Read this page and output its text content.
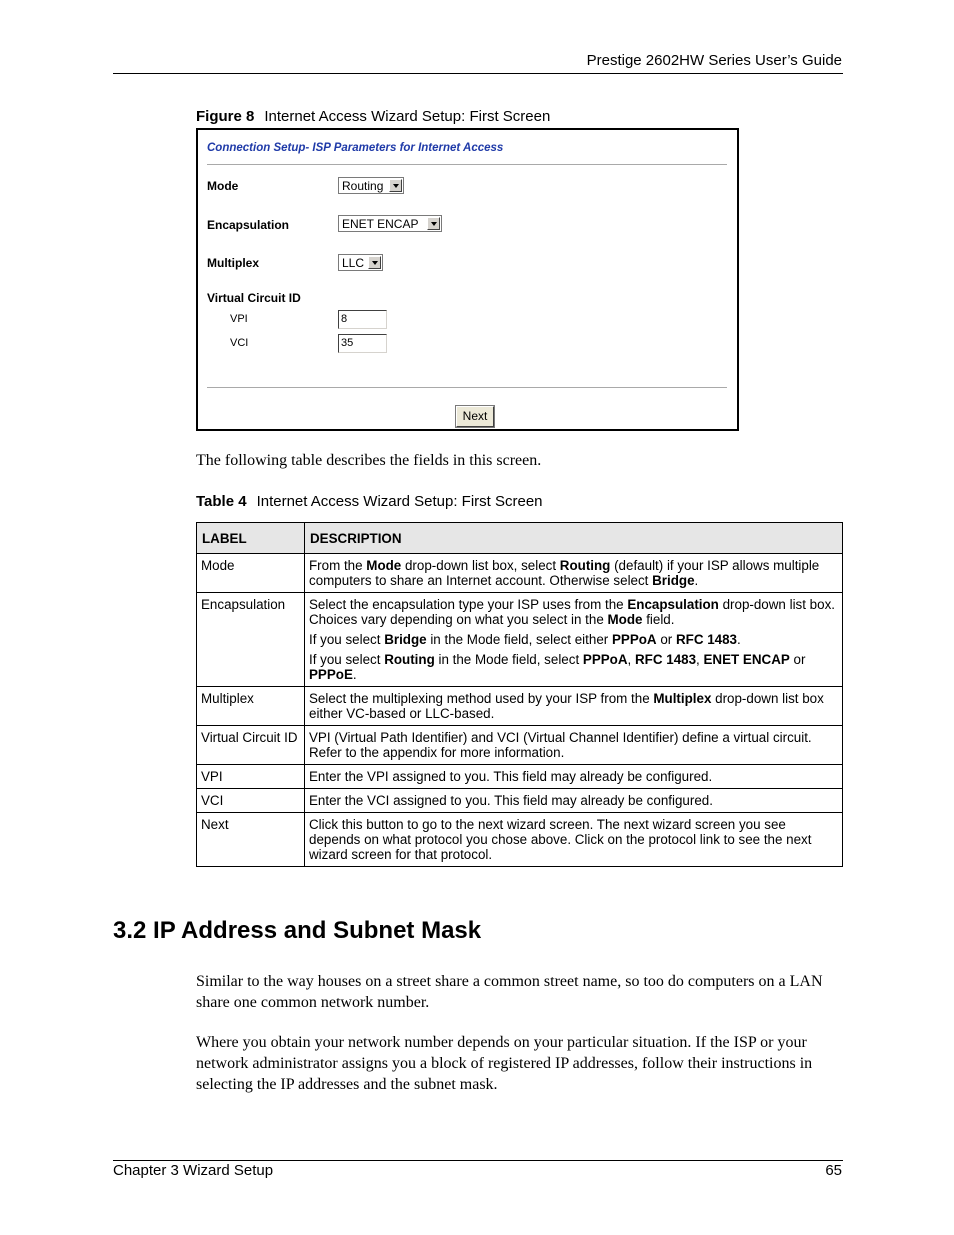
Prestige 2602HW Series User’s Guide
Figure 8 Internet Access Wizard Setup: First Screen
Connection Setup- ISP Parameters for Internet Access
Mode	Routing
Encapsulation	ENET ENCAP
Multiplex	LLC
Virtual Circuit ID
VPI	8
VCI	35
Next
The following table describes the fields in this screen.
Table 4 Internet Access Wizard Setup: First Screen
LABEL	DESCRIPTION
Mode	From the Mode drop-down list box, select Routing (default) if your ISP allows multiple computers to share an Internet account. Otherwise select Bridge.

Encapsulation	Select the encapsulation type your ISP uses from the Encapsulation drop-down list box. Choices vary depending on what you select in the Mode field.

If you select Bridge in the Mode field, select either PPPoA or RFC 1483.

If you select Routing in the Mode field, select PPPoA, RFC 1483, ENET ENCAP or PPPoE.

Multiplex	Select the multiplexing method used by your ISP from the Multiplex drop-down list box either VC-based or LLC-based.

Virtual Circuit ID	VPI (Virtual Path Identifier) and VCI (Virtual Channel Identifier) define a virtual circuit. Refer to the appendix for more information.

VPI	Enter the VPI assigned to you. This field may already be configured.

VCI	Enter the VCI assigned to you. This field may already be configured.

Next	Click this button to go to the next wizard screen. The next wizard screen you see depends on what protocol you chose above. Click on the protocol link to see the next wizard screen for that protocol.

3.2 IP Address and Subnet Mask
Similar to the way houses on a street share a common street name, so too do computers on a LAN share one common network number.
Where you obtain your network number depends on your particular situation. If the ISP or your network administrator assigns you a block of registered IP addresses, follow their instructions in selecting the IP addresses and the subnet mask.
Chapter 3 Wizard Setup	65
